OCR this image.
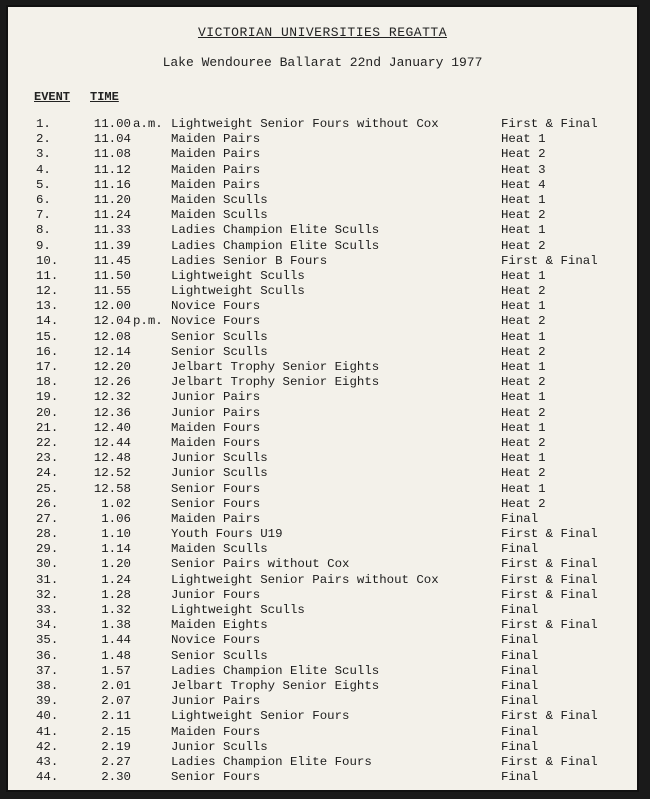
VICTORIAN UNIVERSITIES REGATTA
Lake Wendouree Ballarat 22nd January 1977
EVENT TIME
1.	11.00 a.m. Lightweight Senior Fours without Cox	First & Final
2.	11.04	Maiden Pairs	Heat 1
3.	11.08	Maiden Pairs	Heat 2
4.	11.12	Maiden Pairs	Heat 3
5.	11.16	Maiden Pairs	Heat 4
6.	11.20	Maiden Sculls	Heat 1
7.	11.24	Maiden Sculls	Heat 2
8.	11.33	Ladies Champion Elite Sculls	Heat 1
9.	11.39	Ladies Champion Elite Sculls	Heat 2
10.	11.45	Ladies Senior B Fours	First & Final
11.	11.50	Lightweight Sculls	Heat 1
12.	11.55	Lightweight Sculls	Heat 2
13.	12.00	Novice Fours	Heat 1
14.	12.04 p.m. Novice Fours	Heat 2
15.	12.08	Senior Sculls	Heat 1
16.	12.14	Senior Sculls	Heat 2
17.	12.20	Jelbart Trophy Senior Eights	Heat 1
18.	12.26	Jelbart Trophy Senior Eights	Heat 2
19.	12.32	Junior Pairs	Heat 1
20.	12.36	Junior Pairs	Heat 2
21.	12.40	Maiden Fours	Heat 1
22.	12.44	Maiden Fours	Heat 2
23.	12.48	Junior Sculls	Heat 1
24.	12.52	Junior Sculls	Heat 2
25.	12.58	Senior Fours	Heat 1
26.	1.02	Senior Fours	Heat 2
27.	1.06	Maiden Pairs	Final
28.	1.10	Youth Fours U19	First & Final
29.	1.14	Maiden Sculls	Final
30.	1.20	Senior Pairs without Cox	First & Final
31.	1.24	Lightweight Senior Pairs without Cox	First & Final
32.	1.28	Junior Fours	First & Final
33.	1.32	Lightweight Sculls	Final
34.	1.38	Maiden Eights	First & Final
35.	1.44	Novice Fours	Final
36.	1.48	Senior Sculls	Final
37.	1.57	Ladies Champion Elite Sculls	Final
38.	2.01	Jelbart Trophy Senior Eights	Final
39.	2.07	Junior Pairs	Final
40.	2.11	Lightweight Senior Fours	First & Final
41.	2.15	Maiden Fours	Final
42.	2.19	Junior Sculls	Final
43.	2.27	Ladies Champion Elite Fours	First & Final
44.	2.30	Senior Fours	Final
